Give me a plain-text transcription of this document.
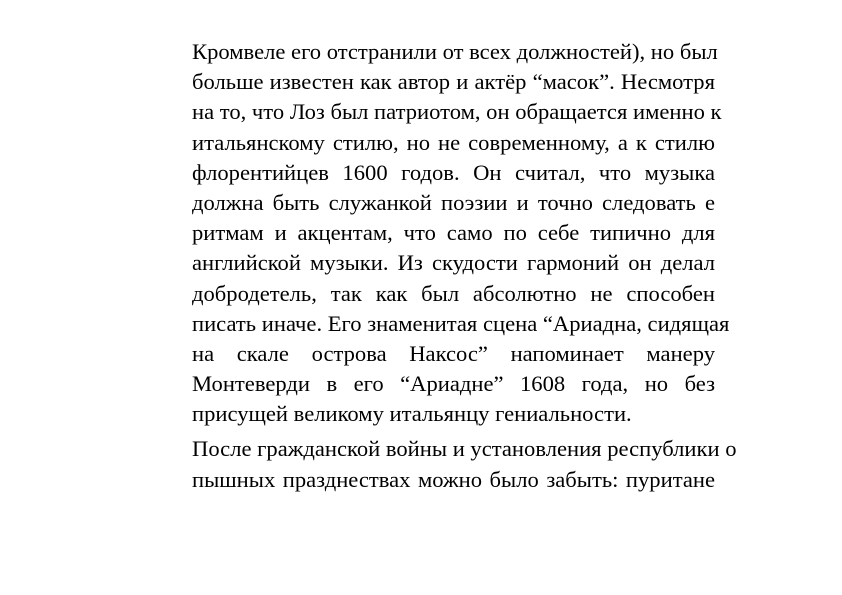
Кромвеле его отстранили от всех должностей), но был
больше известен как автор и актёр “масок”. Несмотря
на то, что Лоз был патриотом, он обращается именно к
итальянскому стилю, но не современному, а к стилю
флорентийцев 1600 годов. Он считал, что музыка
должна быть служанкой поэзии и точно следовать е
ритмам и акцентам, что само по себе типично для
английской музыки. Из скудости гармоний он делал
добродетель, так как был абсолютно не способен
писать иначе. Его знаменитая сцена “Ариадна, сидящая
на скале острова Наксос” напоминает манеру
Монтеверди в его “Ариадне” 1608 года, но без
присущей великому итальянцу гениальности.
После гражданской войны и установления республики о
пышных празднествах можно было забыть: пуритане
